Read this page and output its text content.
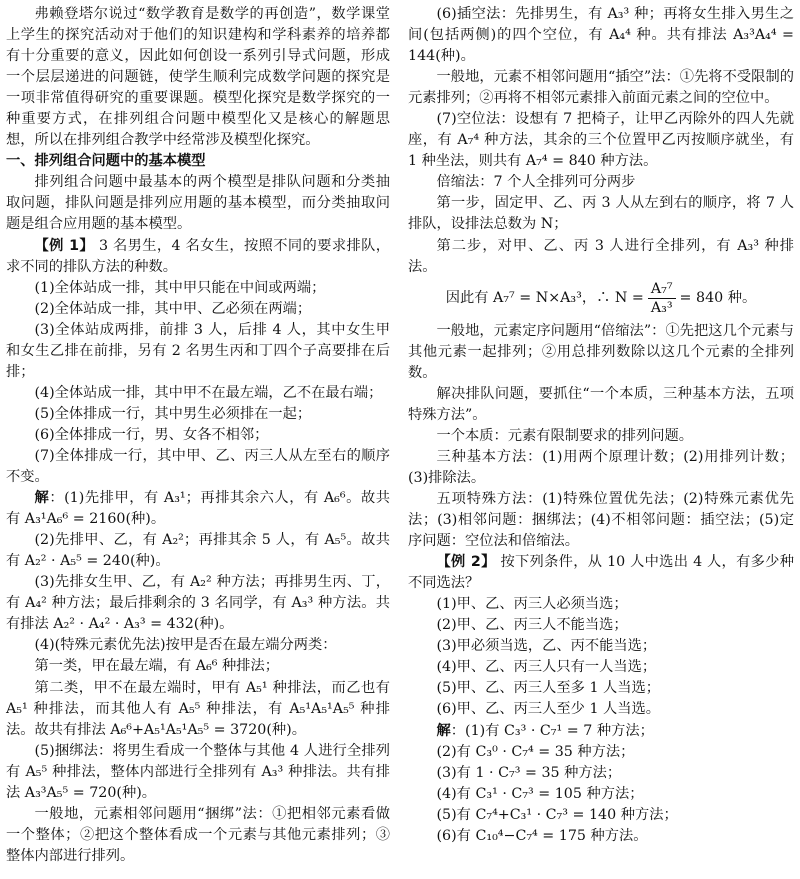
弗赖登塔尔说过“数学教育是数学的再创造”，数学课堂上学生的探究活动对于他们的知识建构和学科素养的培养都有十分重要的意义，因此如何创设一系列引导式问题，形成一个层层递进的问题链，使学生顺利完成数学问题的探究是一项非常值得研究的重要课题。模型化探究是数学探究的一种重要方式，在排列组合问题中模型化又是核心的解题思想，所以在排列组合教学中经常涉及模型化探究。

一、排列组合问题中的基本模型

排列组合问题中最基本的两个模型是排队问题和分类抽取问题，排队问题是排列应用题的基本模型，而分类抽取问题是组合应用题的基本模型。

【例 1】 3 名男生，4 名女生，按照不同的要求排队，求不同的排队方法的种数。

(1)全体站成一排，其中甲只能在中间或两端；

(2)全体站成一排，其中甲、乙必须在两端；

(3)全体站成两排，前排 3 人，后排 4 人，其中女生甲和女生乙排在前排，另有 2 名男生丙和丁四个子高要排在后排；

(4)全体站成一排，其中甲不在最左端，乙不在最右端；

(5)全体排成一行，其中男生必须排在一起；

(6)全体排成一行，男、女各不相邻；

(7)全体排成一行，其中甲、乙、丙三人从左至右的顺序不变。

解：(1)先排甲，有 A₃¹；再排其余六人，有 A₆⁶。故共有 A₃¹A₆⁶ = 2160(种)。

(2)先排甲、乙，有 A₂²；再排其余 5 人，有 A₅⁵。故共有 A₂² · A₅⁵ = 240(种)。

(3)先排女生甲、乙，有 A₂² 种方法；再排男生丙、丁，有 A₄² 种方法；最后排剩余的 3 名同学，有 A₃³ 种方法。共有排法 A₂² · A₄² · A₃³ = 432(种)。

(4)(特殊元素优先法)按甲是否在最左端分两类：

第一类，甲在最左端，有 A₆⁶ 种排法；

第二类，甲不在最左端时，甲有 A₅¹ 种排法，而乙也有 A₅¹ 种排法，而其他人有 A₅⁵ 种排法，有 A₅¹A₅¹A₅⁵ 种排法。故共有排法 A₆⁶+A₅¹A₅¹A₅⁵ = 3720(种)。

(5)捆绑法：将男生看成一个整体与其他 4 人进行全排列有 A₅⁵ 种排法，整体内部进行全排列有 A₃³ 种排法。共有排法 A₃³A₅⁵ = 720(种)。

一般地，元素相邻问题用“捆绑”法：①把相邻元素看做一个整体；②把这个整体看成一个元素与其他元素排列；③整体内部进行排列。

(6)插空法：先排男生，有 A₃³ 种；再将女生排入男生之间(包括两侧)的四个空位，有 A₄⁴ 种。共有排法 A₃³A₄⁴ = 144(种)。

一般地，元素不相邻问题用“插空”法：①先将不受限制的元素排列；②再将不相邻元素排入前面元素之间的空位中。

(7)空位法：设想有 7 把椅子，让甲乙丙除外的四人先就座，有 A₇⁴ 种方法，其余的三个位置甲乙丙按顺序就坐，有 1 种坐法，则共有 A₇⁴ = 840 种方法。

倍缩法：7 个人全排列可分两步

第一步，固定甲、乙、丙 3 人从左到右的顺序，将 7 人排队，设排法总数为 N；

第二步，对甲、乙、丙 3 人进行全排列，有 A₃³ 种排法。

因此有 A₇⁷ = N×A₃³，∴ $N = \frac{\text{A₇⁷}}{\text{A₃³}} = 840$ 种。

一般地，元素定序问题用“倍缩法”：①先把这几个元素与其他元素一起排列；②用总排列数除以这几个元素的全排列数。

解决排队问题，要抓住“一个本质，三种基本方法，五项特殊方法”。

一个本质：元素有限制要求的排列问题。

三种基本方法：(1)用两个原理计数；(2)用排列计数；(3)排除法。

五项特殊方法：(1)特殊位置优先法；(2)特殊元素优先法；(3)相邻问题：捆绑法；(4)不相邻问题：插空法；(5)定序问题：空位法和倍缩法。

【例 2】 按下列条件，从 10 人中选出 4 人，有多少种不同选法？

(1)甲、乙、丙三人必须当选；

(2)甲、乙、丙三人不能当选；

(3)甲必须当选，乙、丙不能当选；

(4)甲、乙、丙三人只有一人当选；

(5)甲、乙、丙三人至多 1 人当选；

(6)甲、乙、丙三人至少 1 人当选。

解：(1)有 C₃³ · C₇¹ = 7 种方法；

(2)有 C₃⁰ · C₇⁴ = 35 种方法；

(3)有 1 · C₇³ = 35 种方法；

(4)有 C₃¹ · C₇³ = 105 种方法；

(5)有 C₇⁴+C₃¹ · C₇³ = 140 种方法；

(6)有 C₁₀⁴−C₇⁴ = 175 种方法。
